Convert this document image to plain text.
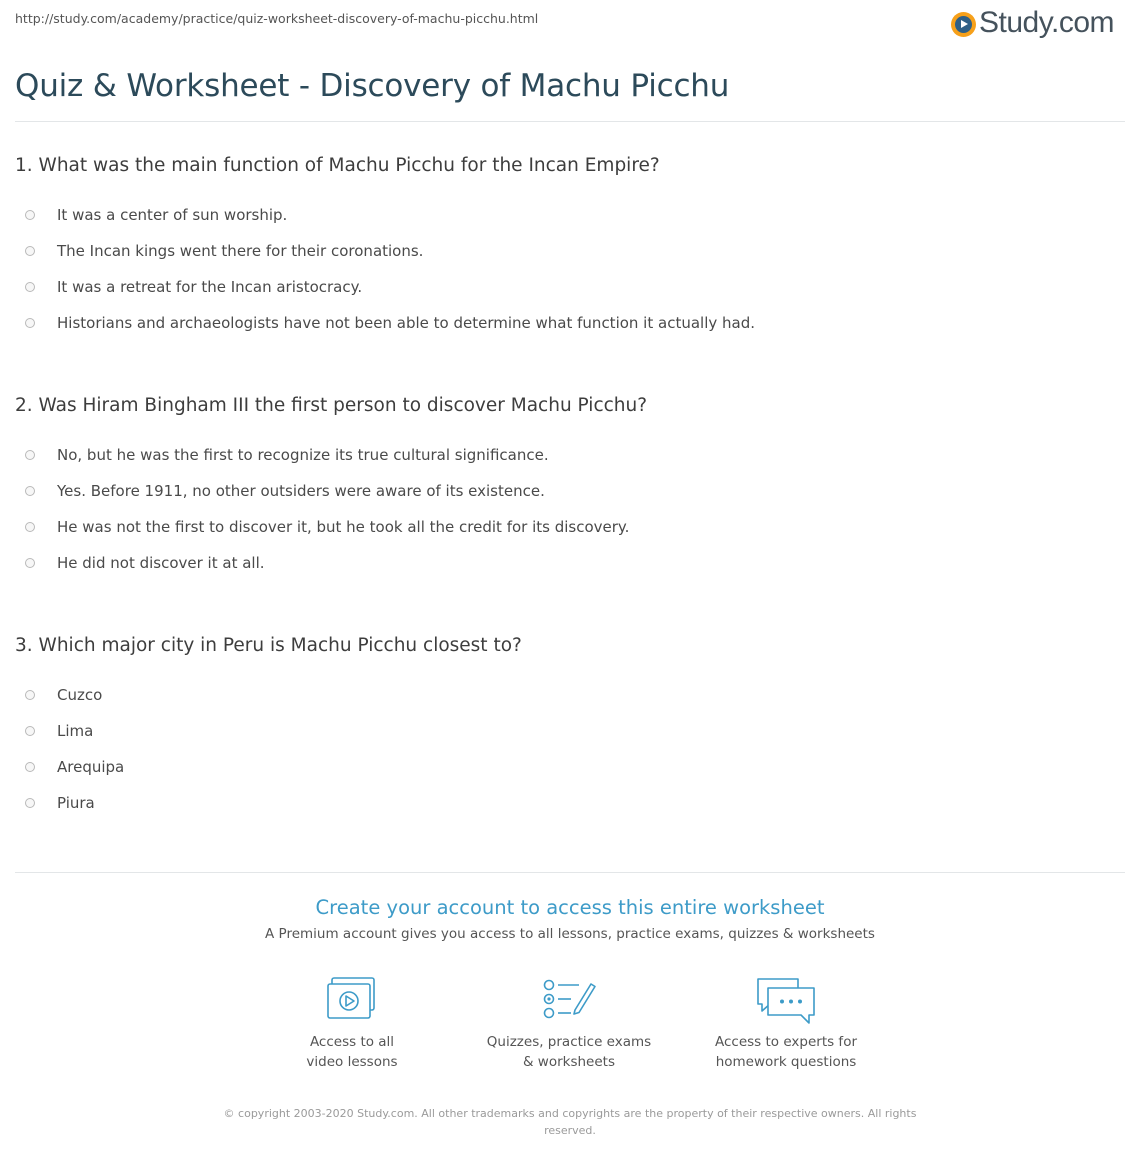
http://study.com/academy/practice/quiz-worksheet-discovery-of-machu-picchu.html	Study.com
Quiz & Worksheet - Discovery of Machu Picchu
1. What was the main function of Machu Picchu for the Incan Empire?
It was a center of sun worship.
The Incan kings went there for their coronations.
It was a retreat for the Incan aristocracy.
Historians and archaeologists have not been able to determine what function it actually had.
2. Was Hiram Bingham III the first person to discover Machu Picchu?
No, but he was the first to recognize its true cultural significance.
Yes. Before 1911, no other outsiders were aware of its existence.
He was not the first to discover it, but he took all the credit for its discovery.
He did not discover it at all.
3. Which major city in Peru is Machu Picchu closest to?
Cuzco
Lima
Arequipa
Piura
Create your account to access this entire worksheet
A Premium account gives you access to all lessons, practice exams, quizzes & worksheets
Access to all
video lessons
Quizzes, practice exams
& worksheets
Access to experts for
homework questions
© copyright 2003-2020 Study.com. All other trademarks and copyrights are the property of their respective owners. All rights reserved.
